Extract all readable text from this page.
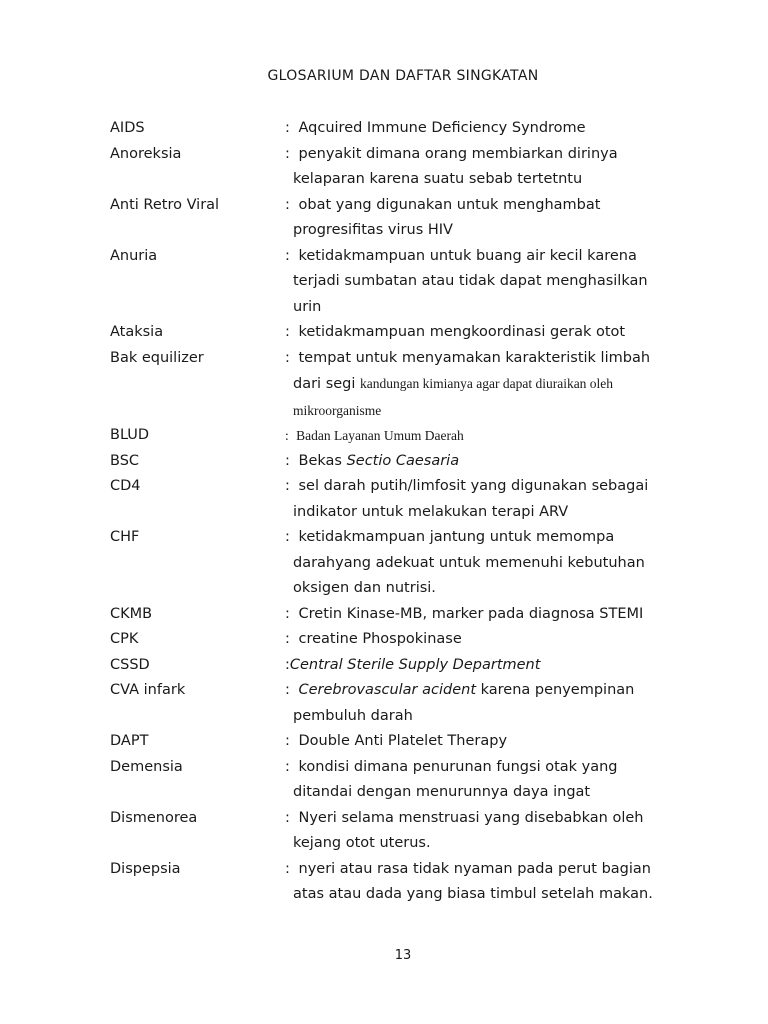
GLOSARIUM DAN DAFTAR SINGKATAN
AIDS	: Aqcuired Immune Deficiency Syndrome
Anoreksia	: penyakit dimana orang membiarkan dirinya
kelaparan karena suatu sebab tertetntu
Anti Retro Viral	: obat yang digunakan untuk menghambat
progresifitas virus HIV
Anuria	: ketidakmampuan untuk buang air kecil karena
terjadi sumbatan atau tidak dapat menghasilkan
urin
Ataksia	: ketidakmampuan mengkoordinasi gerak otot
Bak equilizer	: tempat untuk menyamakan karakteristik limbah
dari segi kandungan kimianya agar dapat diuraikan oleh
mikroorganisme
BLUD	: Badan Layanan Umum Daerah
BSC	: Bekas Sectio Caesaria
CD4	: sel darah putih/limfosit yang digunakan sebagai
indikator untuk melakukan terapi ARV
CHF	: ketidakmampuan jantung untuk memompa
darahyang adekuat untuk memenuhi kebutuhan
oksigen dan nutrisi.
CKMB	: Cretin Kinase-MB, marker pada diagnosa STEMI
CPK	: creatine Phospokinase
CSSD	:Central Sterile Supply Department
CVA infark	: Cerebrovascular acident karena penyempinan
pembuluh darah
DAPT	: Double Anti Platelet Therapy
Demensia	: kondisi dimana penurunan fungsi otak yang
ditandai dengan menurunnya daya ingat
Dismenorea	: Nyeri selama menstruasi yang disebabkan oleh
kejang otot uterus.
Dispepsia	: nyeri atau rasa tidak nyaman pada perut bagian
atas atau dada yang biasa timbul setelah makan.
13
